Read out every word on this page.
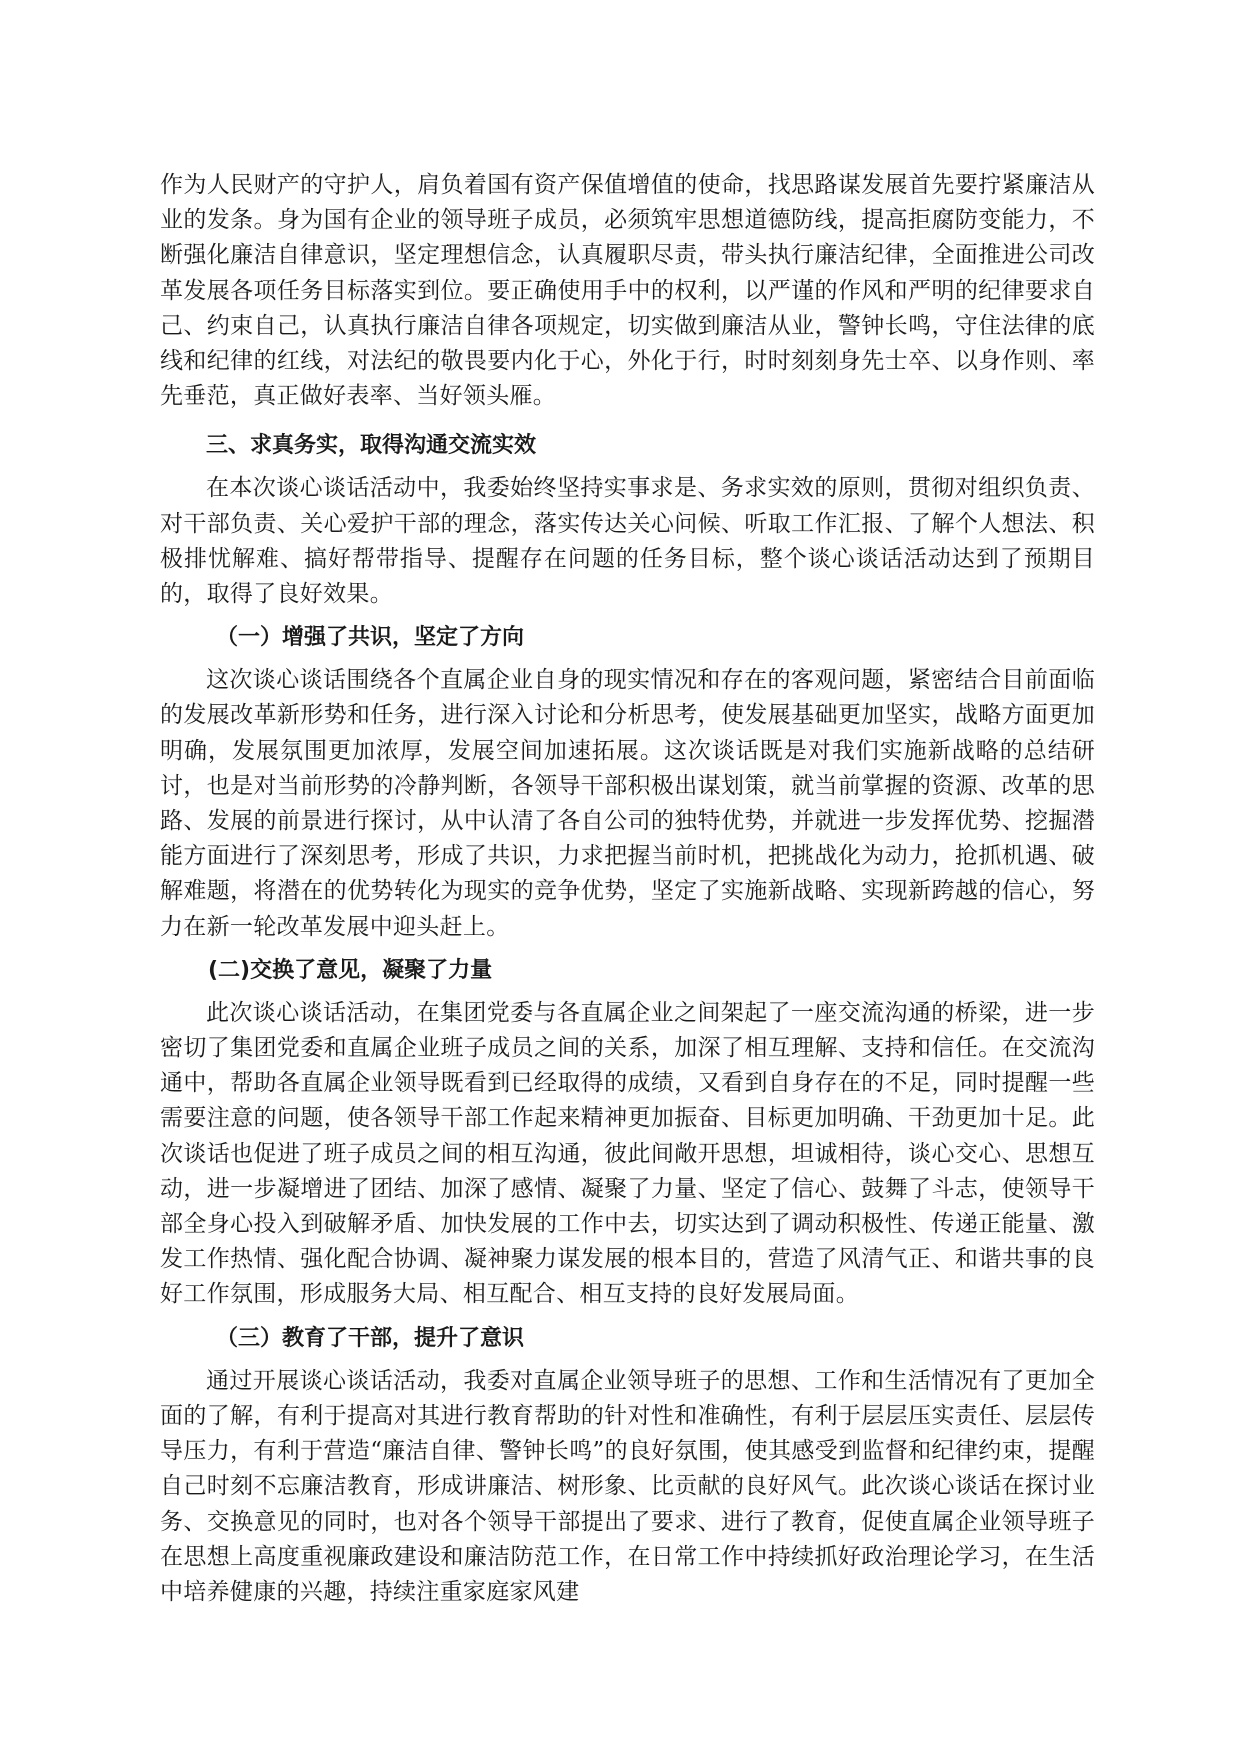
作为人民财产的守护人，肩负着国有资产保值增值的使命，找思路谋发展首先要拧紧廉洁从业的发条。身为国有企业的领导班子成员，必须筑牢思想道德防线，提高拒腐防变能力，不断强化廉洁自律意识，坚定理想信念，认真履职尽责，带头执行廉洁纪律，全面推进公司改革发展各项任务目标落实到位。要正确使用手中的权利，以严谨的作风和严明的纪律要求自己、约束自己，认真执行廉洁自律各项规定，切实做到廉洁从业，警钟长鸣，守住法律的底线和纪律的红线，对法纪的敬畏要内化于心，外化于行，时时刻刻身先士卒、以身作则、率先垂范，真正做好表率、当好领头雁。

三、求真务实，取得沟通交流实效

在本次谈心谈话活动中，我委始终坚持实事求是、务求实效的原则，贯彻对组织负责、对干部负责、关心爱护干部的理念，落实传达关心问候、听取工作汇报、了解个人想法、积极排忧解难、搞好帮带指导、提醒存在问题的任务目标，整个谈心谈话活动达到了预期目的，取得了良好效果。

（一）增强了共识，坚定了方向

这次谈心谈话围绕各个直属企业自身的现实情况和存在的客观问题，紧密结合目前面临的发展改革新形势和任务，进行深入讨论和分析思考，使发展基础更加坚实，战略方面更加明确，发展氛围更加浓厚，发展空间加速拓展。这次谈话既是对我们实施新战略的总结研讨，也是对当前形势的冷静判断，各领导干部积极出谋划策，就当前掌握的资源、改革的思路、发展的前景进行探讨，从中认清了各自公司的独特优势，并就进一步发挥优势、挖掘潜能方面进行了深刻思考，形成了共识，力求把握当前时机，把挑战化为动力，抢抓机遇、破解难题，将潜在的优势转化为现实的竞争优势，坚定了实施新战略、实现新跨越的信心，努力在新一轮改革发展中迎头赶上。

(二)交换了意见，凝聚了力量

此次谈心谈话活动，在集团党委与各直属企业之间架起了一座交流沟通的桥梁，进一步密切了集团党委和直属企业班子成员之间的关系，加深了相互理解、支持和信任。在交流沟通中，帮助各直属企业领导既看到已经取得的成绩，又看到自身存在的不足，同时提醒一些需要注意的问题，使各领导干部工作起来精神更加振奋、目标更加明确、干劲更加十足。此次谈话也促进了班子成员之间的相互沟通，彼此间敞开思想，坦诚相待，谈心交心、思想互动，进一步凝增进了团结、加深了感情、凝聚了力量、坚定了信心、鼓舞了斗志，使领导干部全身心投入到破解矛盾、加快发展的工作中去，切实达到了调动积极性、传递正能量、激发工作热情、强化配合协调、凝神聚力谋发展的根本目的，营造了风清气正、和谐共事的良好工作氛围，形成服务大局、相互配合、相互支持的良好发展局面。

（三）教育了干部，提升了意识

通过开展谈心谈话活动，我委对直属企业领导班子的思想、工作和生活情况有了更加全面的了解，有利于提高对其进行教育帮助的针对性和准确性，有利于层层压实责任、层层传导压力，有利于营造“廉洁自律、警钟长鸣”的良好氛围，使其感受到监督和纪律约束，提醒自己时刻不忘廉洁教育，形成讲廉洁、树形象、比贡献的良好风气。此次谈心谈话在探讨业务、交换意见的同时，也对各个领导干部提出了要求、进行了教育，促使直属企业领导班子在思想上高度重视廉政建设和廉洁防范工作，在日常工作中持续抓好政治理论学习，在生活中培养健康的兴趣，持续注重家庭家风建
